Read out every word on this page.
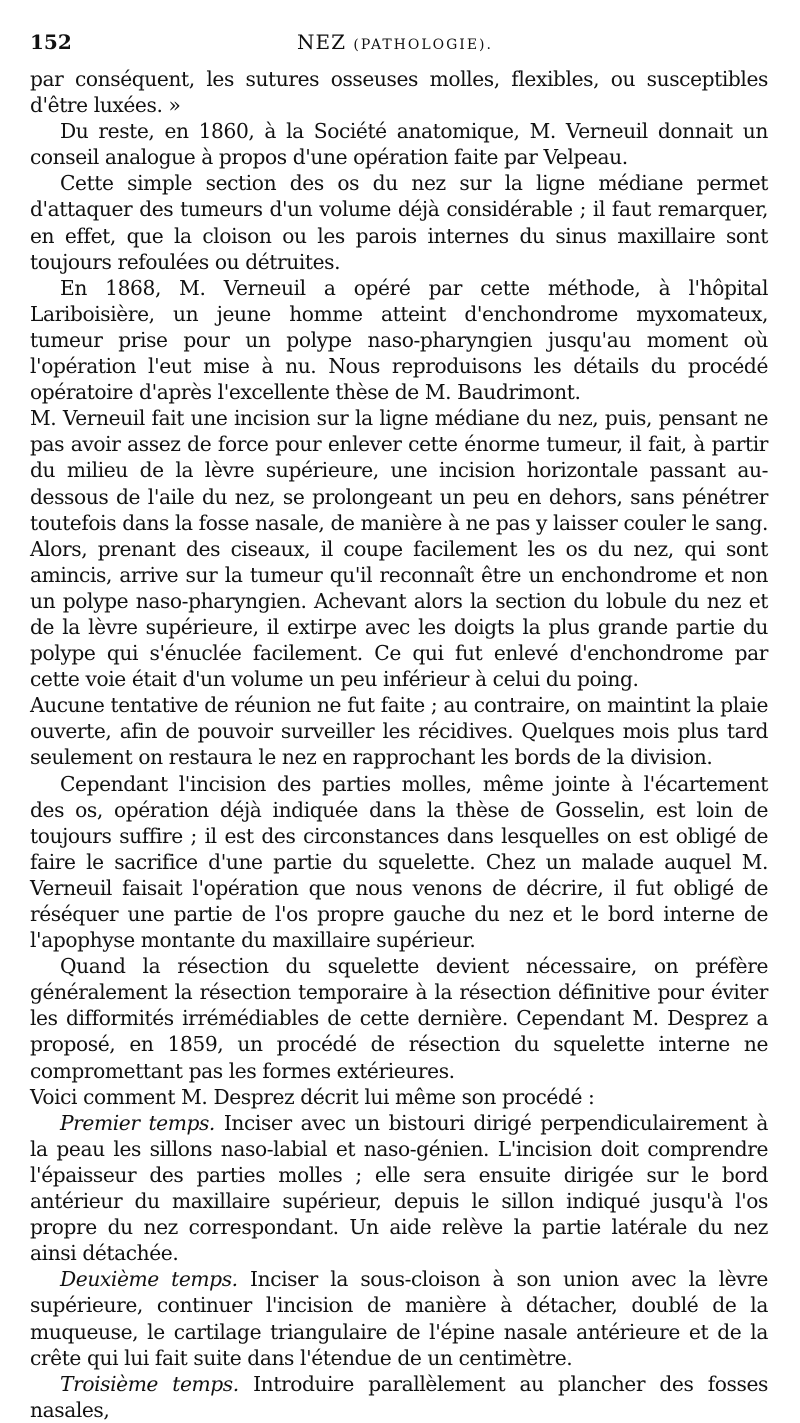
152	NEZ (PATHOLOGIE).

par conséquent, les sutures osseuses molles, flexibles, ou susceptibles d'être luxées. »

Du reste, en 1860, à la Société anatomique, M. Verneuil donnait un conseil analogue à propos d'une opération faite par Velpeau.

Cette simple section des os du nez sur la ligne médiane permet d'attaquer des tumeurs d'un volume déjà considérable ; il faut remarquer, en effet, que la cloison ou les parois internes du sinus maxillaire sont toujours refoulées ou détruites.

En 1868, M. Verneuil a opéré par cette méthode, à l'hôpital Lariboisière, un jeune homme atteint d'enchondrome myxomateux, tumeur prise pour un polype naso-pharyngien jusqu'au moment où l'opération l'eut mise à nu. Nous reproduisons les détails du procédé opératoire d'après l'excellente thèse de M. Baudrimont.

M. Verneuil fait une incision sur la ligne médiane du nez, puis, pensant ne pas avoir assez de force pour enlever cette énorme tumeur, il fait, à partir du milieu de la lèvre supérieure, une incision horizontale passant au-dessous de l'aile du nez, se prolongeant un peu en dehors, sans pénétrer toutefois dans la fosse nasale, de manière à ne pas y laisser couler le sang. Alors, prenant des ciseaux, il coupe facilement les os du nez, qui sont amincis, arrive sur la tumeur qu'il reconnaît être un enchondrome et non un polype naso-pharyngien. Achevant alors la section du lobule du nez et de la lèvre supérieure, il extirpe avec les doigts la plus grande partie du polype qui s'énuclée facilement. Ce qui fut enlevé d'enchondrome par cette voie était d'un volume un peu inférieur à celui du poing.

Aucune tentative de réunion ne fut faite ; au contraire, on maintint la plaie ouverte, afin de pouvoir surveiller les récidives. Quelques mois plus tard seulement on restaura le nez en rapprochant les bords de la division.

Cependant l'incision des parties molles, même jointe à l'écartement des os, opération déjà indiquée dans la thèse de Gosselin, est loin de toujours suffire ; il est des circonstances dans lesquelles on est obligé de faire le sacrifice d'une partie du squelette. Chez un malade auquel M. Verneuil faisait l'opération que nous venons de décrire, il fut obligé de réséquer une partie de l'os propre gauche du nez et le bord interne de l'apophyse montante du maxillaire supérieur.

Quand la résection du squelette devient nécessaire, on préfère généralement la résection temporaire à la résection définitive pour éviter les difformités irrémédiables de cette dernière. Cependant M. Desprez a proposé, en 1859, un procédé de résection du squelette interne ne compromettant pas les formes extérieures.

Voici comment M. Desprez décrit lui même son procédé :

Premier temps. Inciser avec un bistouri dirigé perpendiculairement à la peau les sillons naso-labial et naso-génien. L'incision doit comprendre l'épaisseur des parties molles ; elle sera ensuite dirigée sur le bord antérieur du maxillaire supérieur, depuis le sillon indiqué jusqu'à l'os propre du nez correspondant. Un aide relève la partie latérale du nez ainsi détachée.

Deuxième temps. Inciser la sous-cloison à son union avec la lèvre supérieure, continuer l'incision de manière à détacher, doublé de la muqueuse, le cartilage triangulaire de l'épine nasale antérieure et de la crête qui lui fait suite dans l'étendue de un centimètre.

Troisième temps. Introduire parallèlement au plancher des fosses nasales,
